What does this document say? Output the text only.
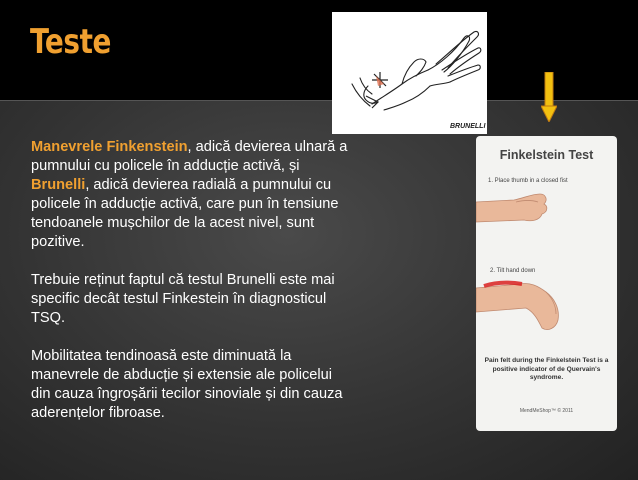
Teste
BRUNELLI

Manevrele Finkenstein, adică devierea ulnară a pumnului cu policele în adducție activă, și Brunelli, adică devierea radială a pumnului cu policele în adducție activă, care pun în tensiune tendoanele mușchilor de la acest nivel, sunt pozitive.

Trebuie reținut faptul că testul Brunelli este mai specific decât testul Finkestein în diagnosticul TSQ.

Mobilitatea tendinoasă este diminuată la manevrele de abducție și extensie ale policelui din cauza îngroșării tecilor sinoviale și din cauza aderențelor fibroase.

Finkelstein Test
1. Place thumb in a closed fist
2. Tilt hand down
Pain felt during the Finkelstein Test is a positive indicator of de Quervain's syndrome.
MendMeShop™ © 2011
